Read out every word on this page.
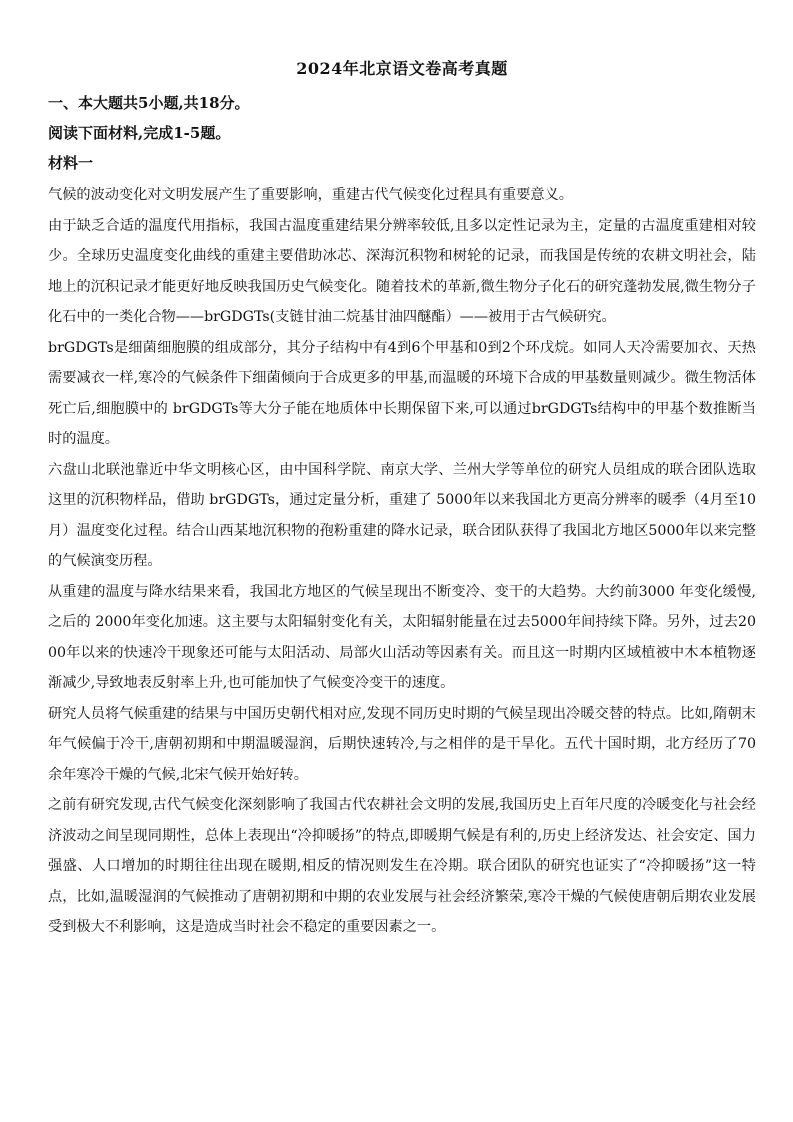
2024年北京语文卷高考真题
一、本大题共5小题,共18分。
阅读下面材料,完成1-5题。
材料一

气候的波动变化对文明发展产生了重要影响，重建古代气候变化过程具有重要意义。

由于缺乏合适的温度代用指标，我国古温度重建结果分辨率较低,且多以定性记录为主，定量的古温度重建相对较少。全球历史温度变化曲线的重建主要借助冰芯、深海沉积物和树轮的记录，而我国是传统的农耕文明社会，陆地上的沉积记录才能更好地反映我国历史气候变化。随着技术的革新,微生物分子化石的研究蓬勃发展,微生物分子化石中的一类化合物——brGDGTs(支链甘油二烷基甘油四醚酯）——被用于古气候研究。

brGDGTs是细菌细胞膜的组成部分，其分子结构中有4到6个甲基和0到2个环戊烷。如同人天冷需要加衣、天热需要减衣一样,寒冷的气候条件下细菌倾向于合成更多的甲基,而温暖的环境下合成的甲基数量则减少。微生物活体死亡后,细胞膜中的 brGDGTs等大分子能在地质体中长期保留下来,可以通过brGDGTs结构中的甲基个数推断当时的温度。

六盘山北联池靠近中华文明核心区，由中国科学院、南京大学、兰州大学等单位的研究人员组成的联合团队选取这里的沉积物样品，借助 brGDGTs，通过定量分析，重建了 5000年以来我国北方更高分辨率的暖季（4月至10月）温度变化过程。结合山西某地沉积物的孢粉重建的降水记录，联合团队获得了我国北方地区5000年以来完整的气候演变历程。

从重建的温度与降水结果来看，我国北方地区的气候呈现出不断变冷、变干的大趋势。大约前3000 年变化缓慢,之后的 2000年变化加速。这主要与太阳辐射变化有关，太阳辐射能量在过去5000年间持续下降。另外，过去2000年以来的快速冷干现象还可能与太阳活动、局部火山活动等因素有关。而且这一时期内区域植被中木本植物逐渐减少,导致地表反射率上升,也可能加快了气候变冷变干的速度。

研究人员将气候重建的结果与中国历史朝代相对应,发现不同历史时期的气候呈现出冷暖交替的特点。比如,隋朝末年气候偏于冷干,唐朝初期和中期温暖湿润，后期快速转冷,与之相伴的是干旱化。五代十国时期，北方经历了70余年寒冷干燥的气候,北宋气候开始好转。

之前有研究发现,古代气候变化深刻影响了我国古代农耕社会文明的发展,我国历史上百年尺度的冷暖变化与社会经济波动之间呈现同期性，总体上表现出“冷抑暖扬”的特点,即暖期气候是有利的,历史上经济发达、社会安定、国力强盛、人口增加的时期往往出现在暖期,相反的情况则发生在冷期。联合团队的研究也证实了“冷抑暖扬”这一特点，比如,温暖湿润的气候推动了唐朝初期和中期的农业发展与社会经济繁荣,寒冷干燥的气候使唐朝后期农业发展受到极大不利影响，这是造成当时社会不稳定的重要因素之一。
